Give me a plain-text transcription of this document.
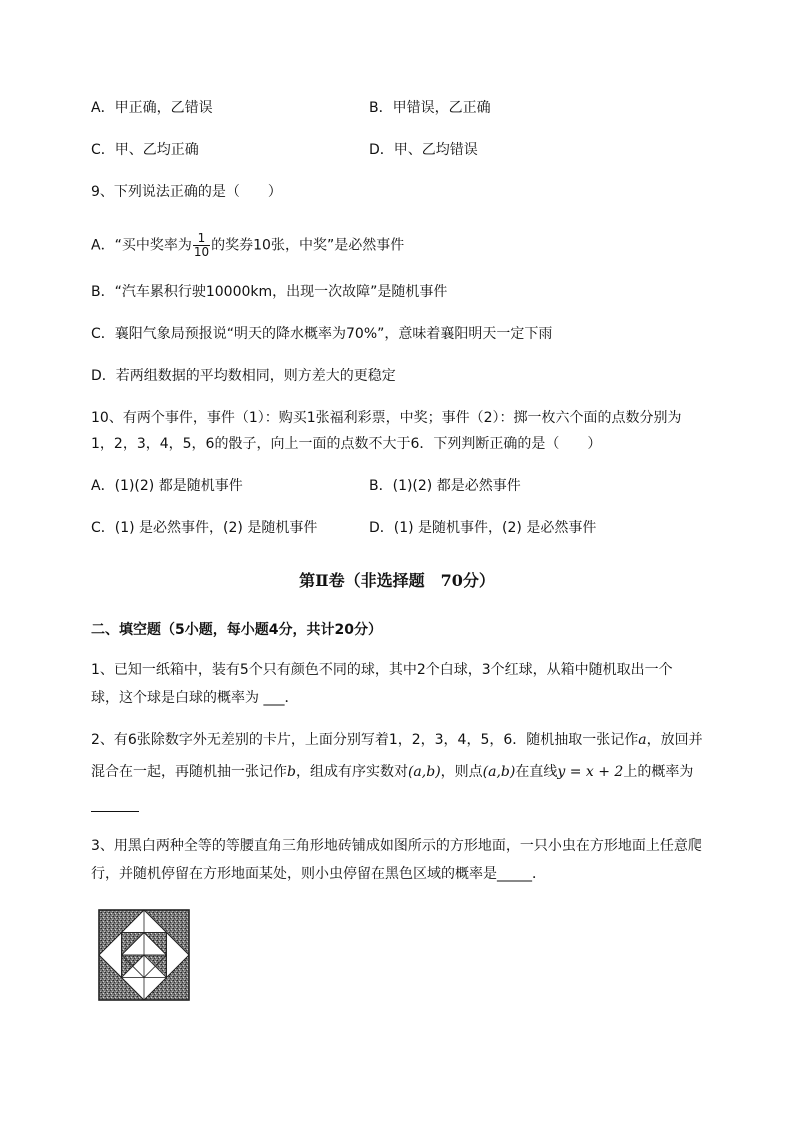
A．甲正确，乙错误	B．甲错误，乙正确
C．甲、乙均正确	D．甲、乙均错误
9、下列说法正确的是（　　）
A．“买中奖率为 $\frac{1}{10}$ 的奖券10张，中奖”是必然事件
B．“汽车累积行驶10000km，出现一次故障”是随机事件
C．襄阳气象局预报说“明天的降水概率为70%”，意味着襄阳明天一定下雨
D．若两组数据的平均数相同，则方差大的更稳定
10、有两个事件，事件（1）：购买1张福利彩票，中奖；事件（2）：掷一枚六个面的点数分别为
1，2，3，4，5，6的骰子，向上一面的点数不大于6．下列判断正确的是（　　）
A．(1)(2) 都是随机事件	B．(1)(2) 都是必然事件
C．(1) 是必然事件，(2) 是随机事件	D．(1) 是随机事件，(2) 是必然事件
第Ⅱ卷（非选择题　70分）
二、填空题（5小题，每小题4分，共计20分）
1、已知一纸箱中，装有5个只有颜色不同的球，其中2个白球，3个红球，从箱中随机取出一个
球，这个球是白球的概率为 ___．
2、有6张除数字外无差别的卡片，上面分别写着1，2，3，4，5，6．随机抽取一张记作a，放回并
混合在一起，再随机抽一张记作b，组成有序实数对(a,b)，则点(a,b)在直线y = x + 2上的概率为
3、用黑白两种全等的等腰直角三角形地砖铺成如图所示的方形地面，一只小虫在方形地面上任意爬
行，并随机停留在方形地面某处，则小虫停留在黑色区域的概率是_____．
